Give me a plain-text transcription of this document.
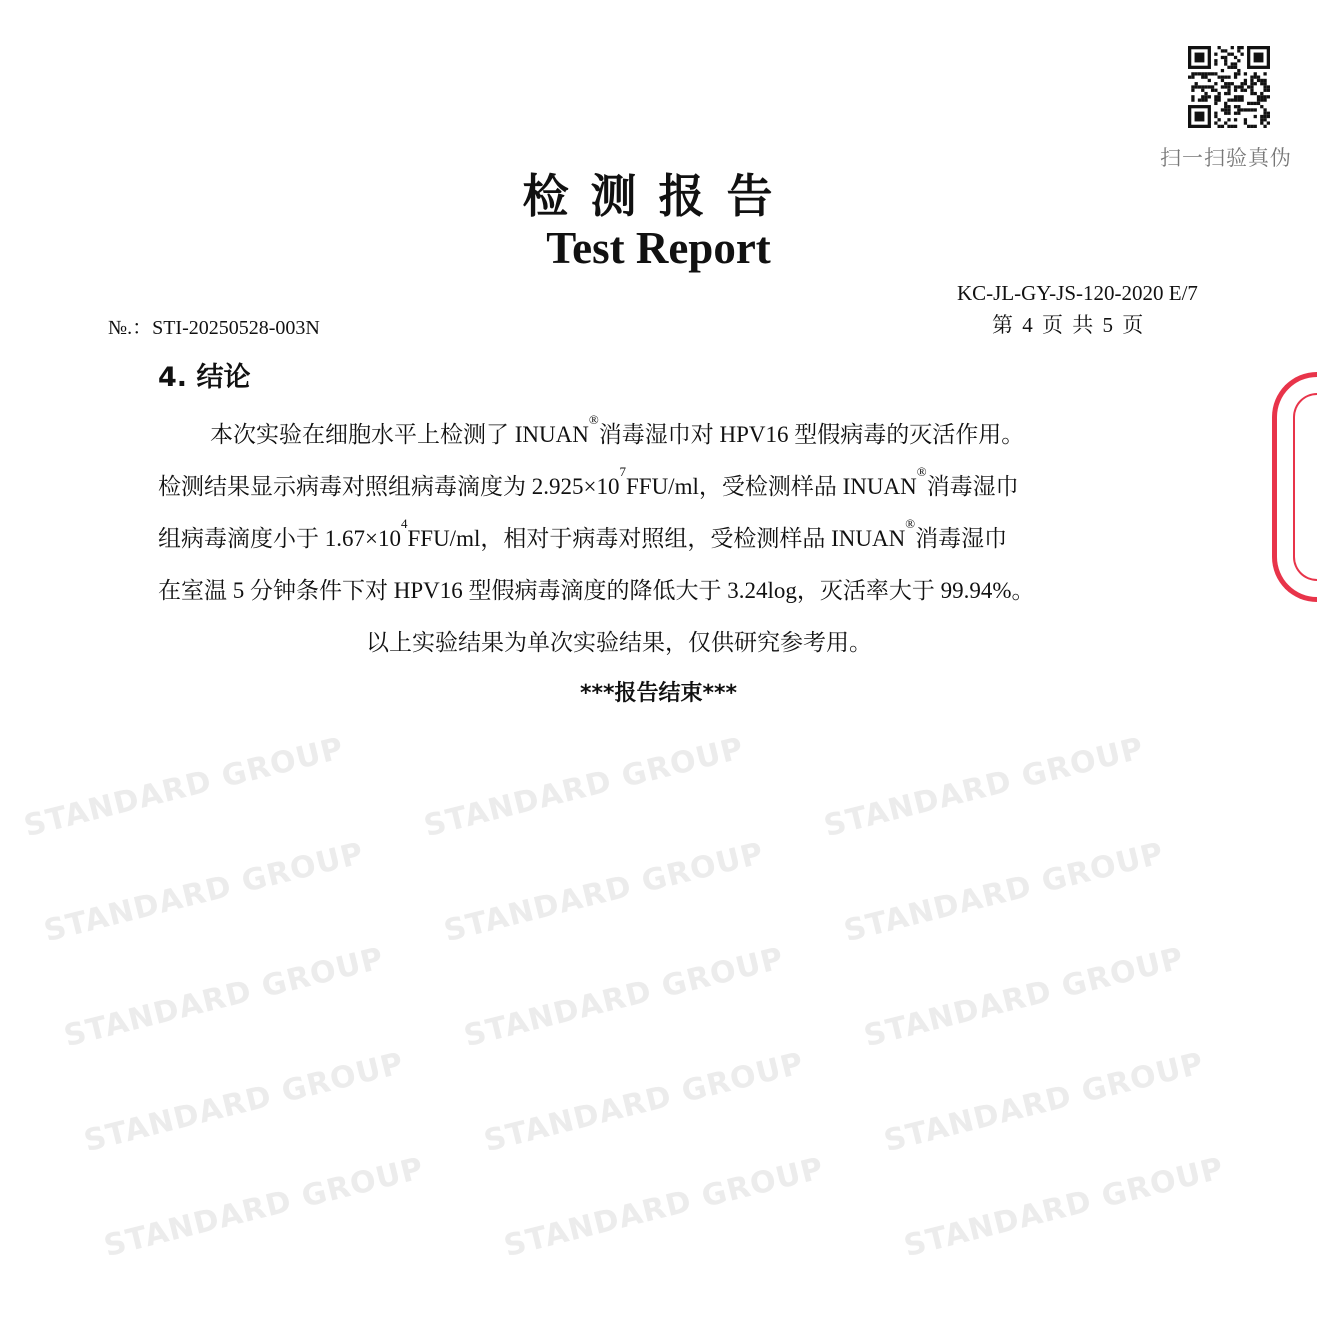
STANDARD GROUP STANDARD GROUP STANDARD GROUP
STANDARD GROUP STANDARD GROUP STANDARD GROUP
STANDARD GROUP STANDARD GROUP STANDARD GROUP
STANDARD GROUP STANDARD GROUP STANDARD GROUP
STANDARD GROUP STANDARD GROUP STANDARD GROUP
扫一扫验真伪
检测报告
Test Report
KC-JL-GY-JS-120-2020 E/7
第 4 页 共 5 页
№.：STI-20250528-003N
4. 结论
本次实验在细胞水平上检测了 INUAN®消毒湿巾对 HPV16 型假病毒的灭活作用。
检测结果显示病毒对照组病毒滴度为 $2.925\times 10^7FFU/ml$，受检测样品 INUAN®消毒湿巾
组病毒滴度小于 $1.67\times 10^4FFU/ml$，相对于病毒对照组，受检测样品 INUAN®消毒湿巾
在室温 5 分钟条件下对 HPV16 型假病毒滴度的降低大于 3.24log，灭活率大于 99.94%。
以上实验结果为单次实验结果，仅供研究参考用。
***报告结束***
